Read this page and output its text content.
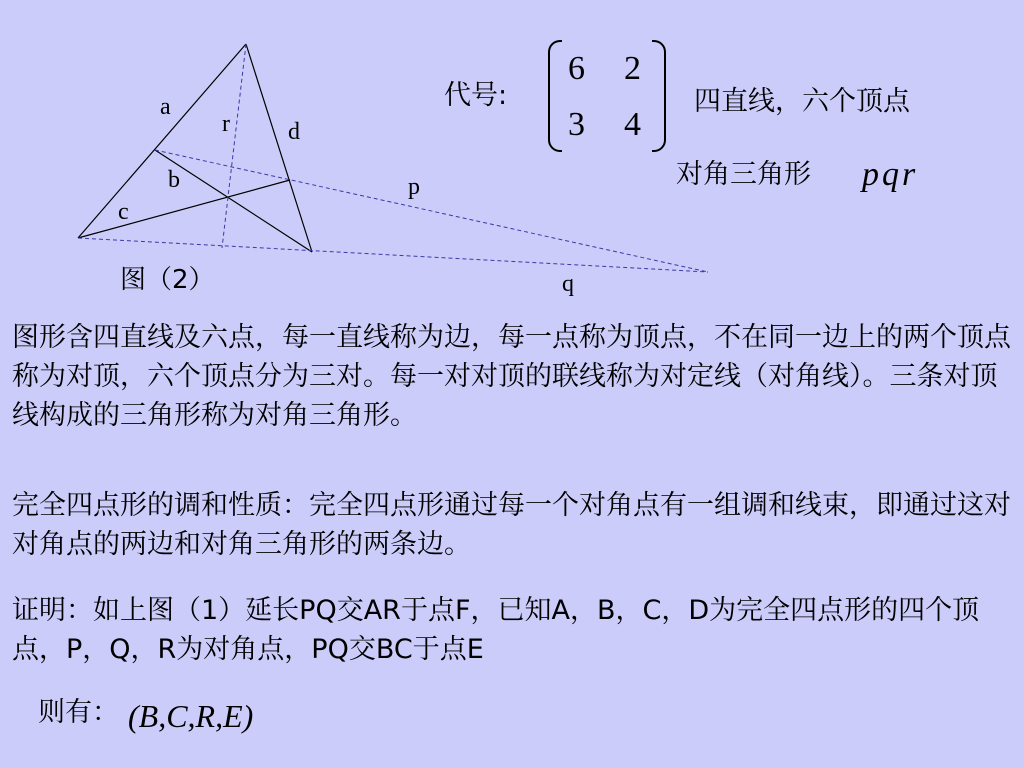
a
r d
b
c
p
q
图（2）
代号:
6 2
3 4
四直线，六个顶点
对角三角形 pqr
图形含四直线及六点，每一直线称为边，每一点称为顶点，不在同一边上的两个顶点称为对顶，六个顶点分为三对。每一对对顶的联线称为对定线（对角线）。三条对顶线构成的三角形称为对角三角形。
完全四点形的调和性质：完全四点形通过每一个对角点有一组调和线束，即通过这对对角点的两边和对角三角形的两条边。
证明：如上图（1）延长PQ交AR于点F，已知A，B，C，D为完全四点形的四个顶点，P，Q，R为对角点，PQ交BC于点E
则有： (B,C,R,E)
